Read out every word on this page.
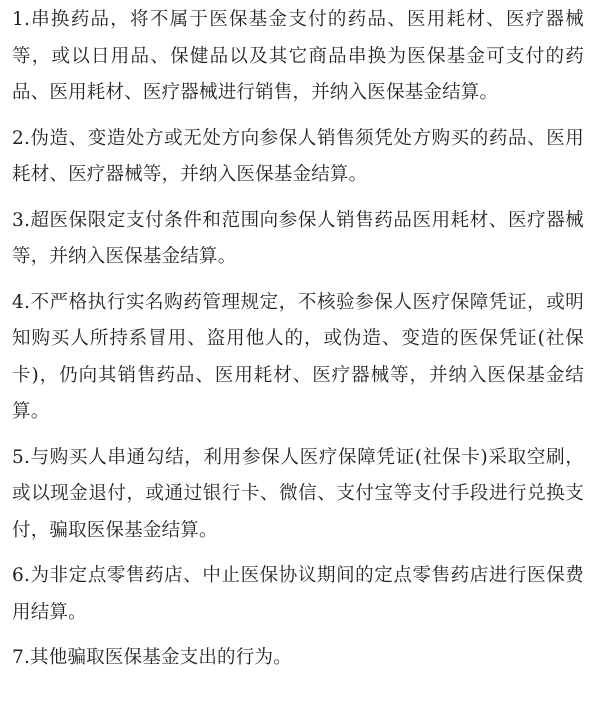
1.串换药品，将不属于医保基金支付的药品、医用耗材、医疗器械等，或以日用品、保健品以及其它商品串换为医保基金可支付的药品、医用耗材、医疗器械进行销售，并纳入医保基金结算。

2.伪造、变造处方或无处方向参保人销售须凭处方购买的药品、医用耗材、医疗器械等，并纳入医保基金结算。

3.超医保限定支付条件和范围向参保人销售药品医用耗材、医疗器械等，并纳入医保基金结算。

4.不严格执行实名购药管理规定，不核验参保人医疗保障凭证，或明知购买人所持系冒用、盗用他人的，或伪造、变造的医保凭证(社保卡)，仍向其销售药品、医用耗材、医疗器械等，并纳入医保基金结算。

5.与购买人串通勾结，利用参保人医疗保障凭证(社保卡)采取空刷，或以现金退付，或通过银行卡、微信、支付宝等支付手段进行兑换支付，骗取医保基金结算。

6.为非定点零售药店、中止医保协议期间的定点零售药店进行医保费用结算。

7.其他骗取医保基金支出的行为。
